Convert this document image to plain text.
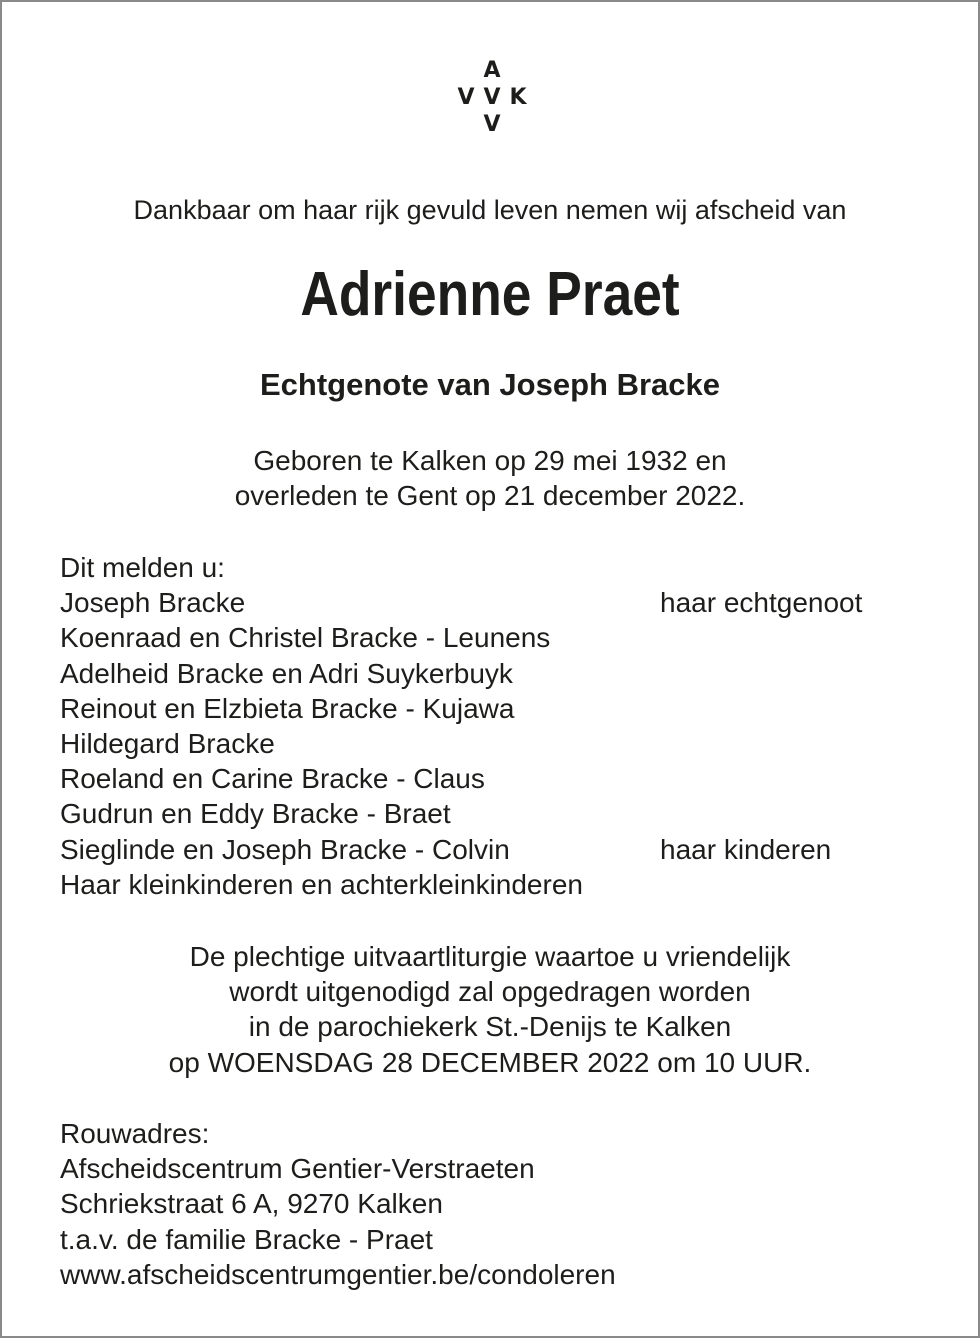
A
V V K
V
Dankbaar om haar rijk gevuld leven nemen wij afscheid van
Adrienne Praet
Echtgenote van Joseph Bracke
Geboren te Kalken op 29 mei 1932 en
overleden te Gent op 21 december 2022.
Dit melden u:
Joseph Bracke	haar echtgenoot
Koenraad en Christel Bracke - Leunens
Adelheid Bracke en Adri Suykerbuyk
Reinout en Elzbieta Bracke - Kujawa
Hildegard Bracke
Roeland en Carine Bracke - Claus
Gudrun en Eddy Bracke - Braet
Sieglinde en Joseph Bracke - Colvin	haar kinderen
Haar kleinkinderen en achterkleinkinderen
De plechtige uitvaartliturgie waartoe u vriendelijk
wordt uitgenodigd zal opgedragen worden
in de parochiekerk St.-Denijs te Kalken
op WOENSDAG 28 DECEMBER 2022 om 10 UUR.
Rouwadres:
Afscheidscentrum Gentier-Verstraeten
Schriekstraat 6 A, 9270 Kalken
t.a.v. de familie Bracke - Praet
www.afscheidscentrumgentier.be/condoleren
